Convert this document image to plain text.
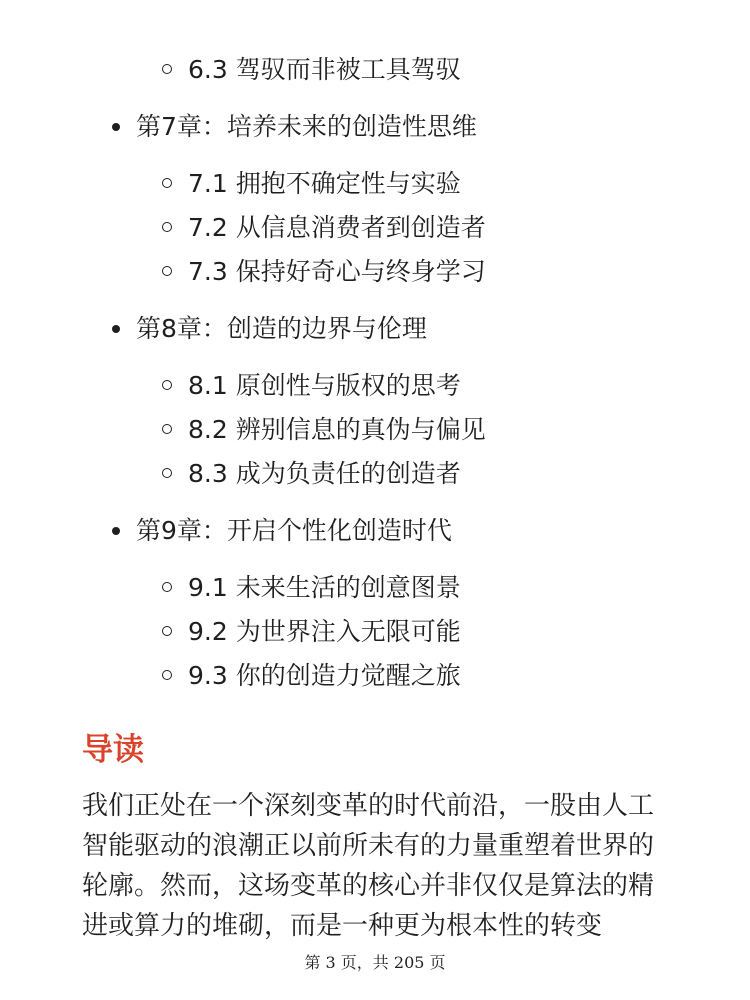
6.3 驾驭而非被工具驾驭
第7章：培养未来的创造性思维
7.1 拥抱不确定性与实验
7.2 从信息消费者到创造者
7.3 保持好奇心与终身学习
第8章：创造的边界与伦理
8.1 原创性与版权的思考
8.2 辨别信息的真伪与偏见
8.3 成为负责任的创造者
第9章：开启个性化创造时代
9.1 未来生活的创意图景
9.2 为世界注入无限可能
9.3 你的创造力觉醒之旅
导读
我们正处在一个深刻变革的时代前沿，一股由人工
智能驱动的浪潮正以前所未有的力量重塑着世界的
轮廓。然而，这场变革的核心并非仅仅是算法的精
进或算力的堆砌，而是一种更为根本性的转变
第 3 页，共 205 页
